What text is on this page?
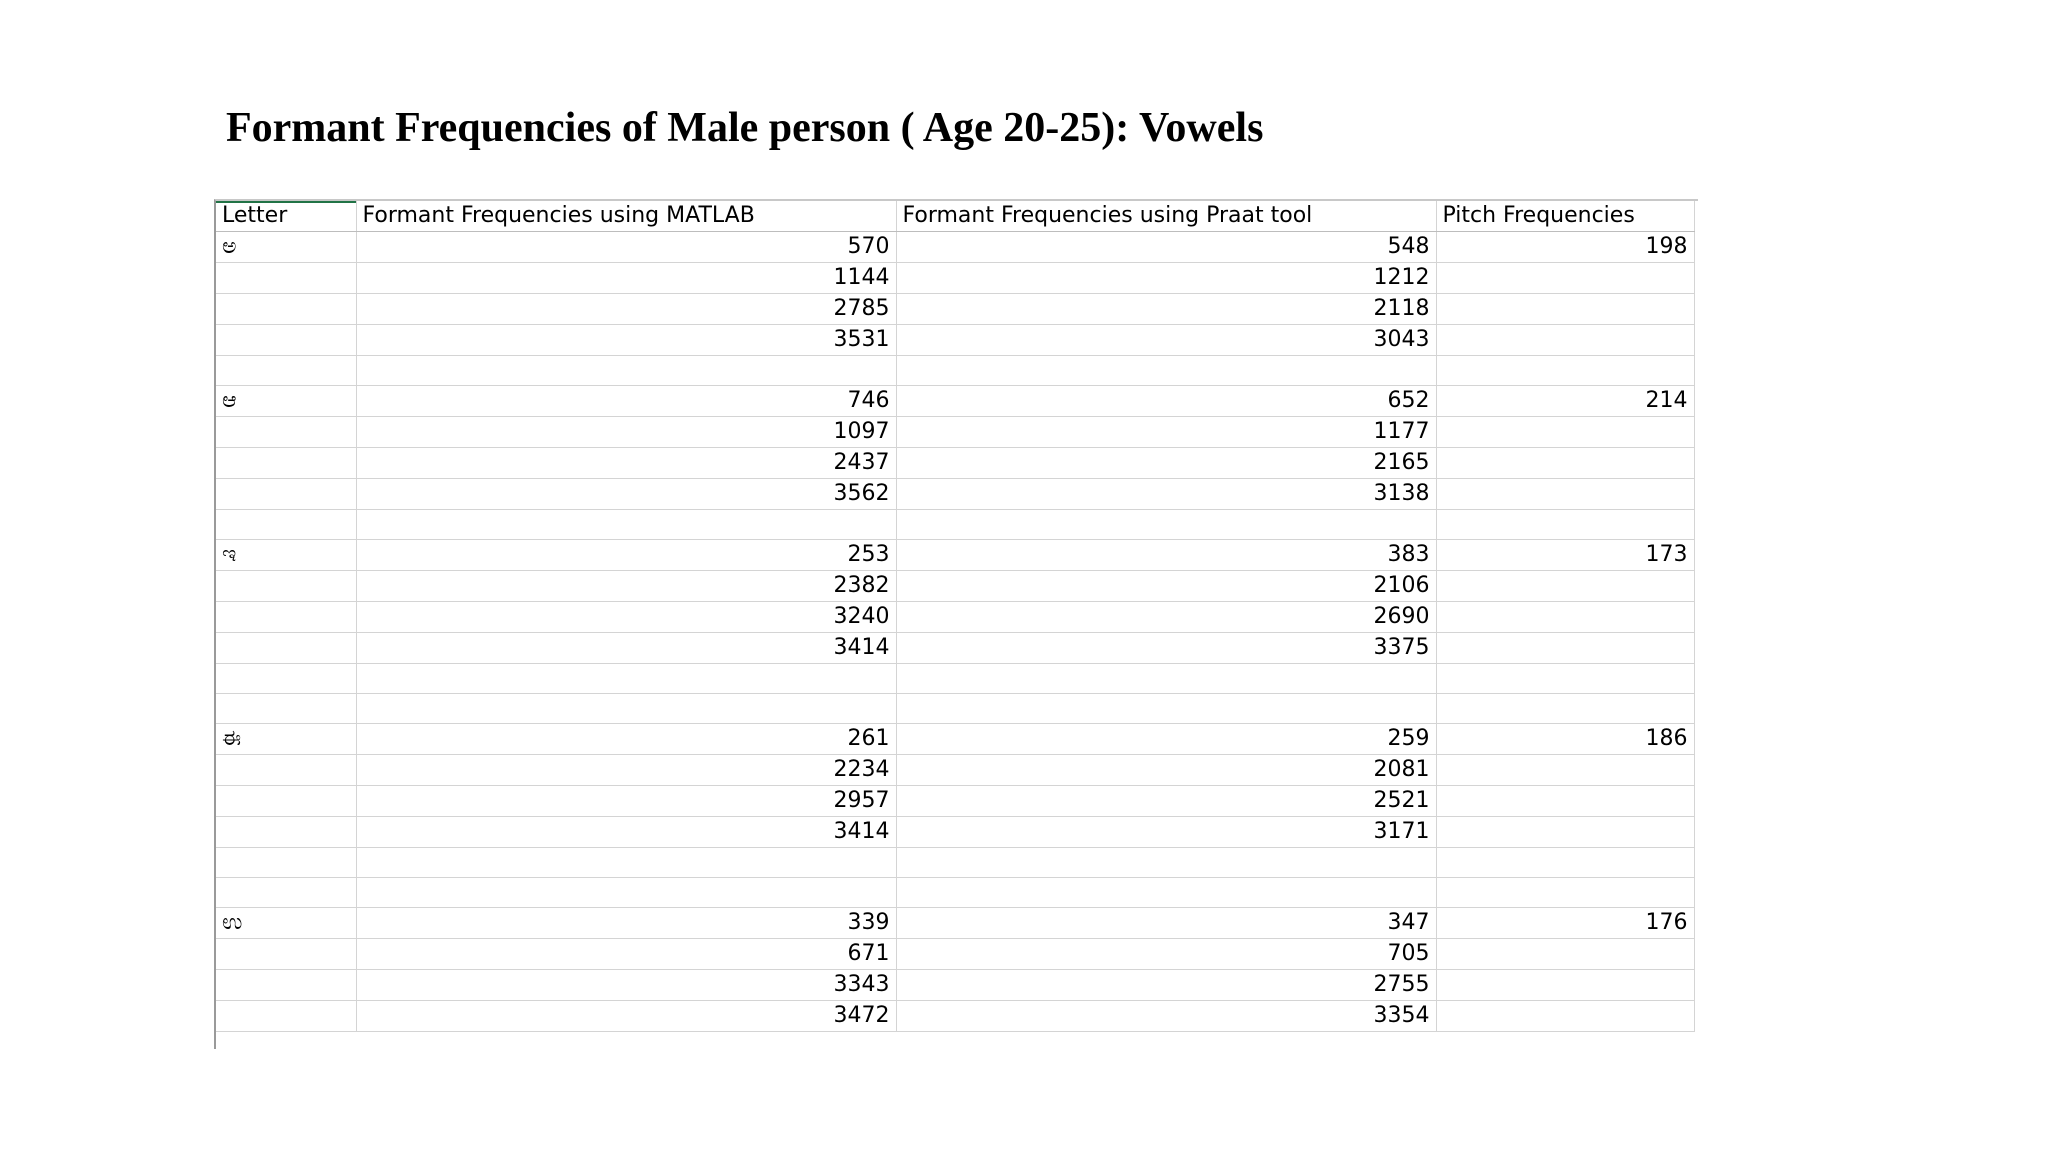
Formant Frequencies of Male person ( Age 20-25): Vowels
Letter	Formant Frequencies using MATLAB	Formant Frequencies using Praat tool	Pitch Frequencies
ಅ	570	548	198
	1144	1212	
	2785	2118	
	3531	3043	

ಆ	746	652	214
	1097	1177	
	2437	2165	
	3562	3138	

ಇ	253	383	173
	2382	2106	
	3240	2690	
	3414	3375	

ಈ	261	259	186
	2234	2081	
	2957	2521	
	3414	3171	

ಉ	339	347	176
	671	705	
	3343	2755	
	3472	3354	
